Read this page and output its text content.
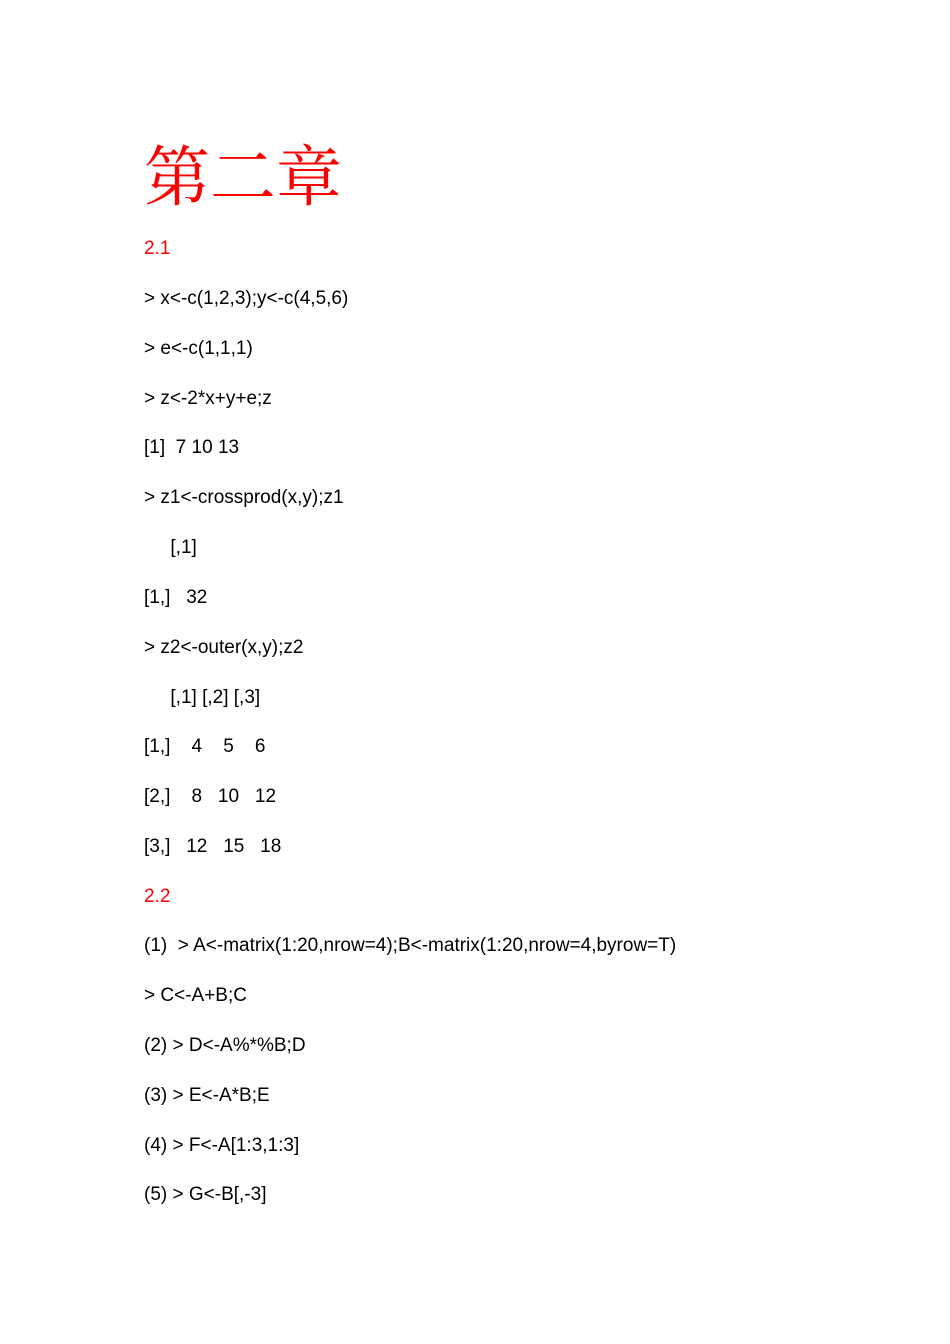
第二章
2.1
> x<-c(1,2,3);y<-c(4,5,6)
> e<-c(1,1,1)
> z<-2*x+y+e;z
[1]  7 10 13
> z1<-crossprod(x,y);z1
[,1]
[1,]   32
> z2<-outer(x,y);z2
[,1] [,2] [,3]
[1,]    4    5    6
[2,]    8   10   12
[3,]   12   15   18
2.2
(1)  > A<-matrix(1:20,nrow=4);B<-matrix(1:20,nrow=4,byrow=T)
> C<-A+B;C
(2) > D<-A%*%B;D
(3) > E<-A*B;E
(4) > F<-A[1:3,1:3]
(5) > G<-B[,-3]
